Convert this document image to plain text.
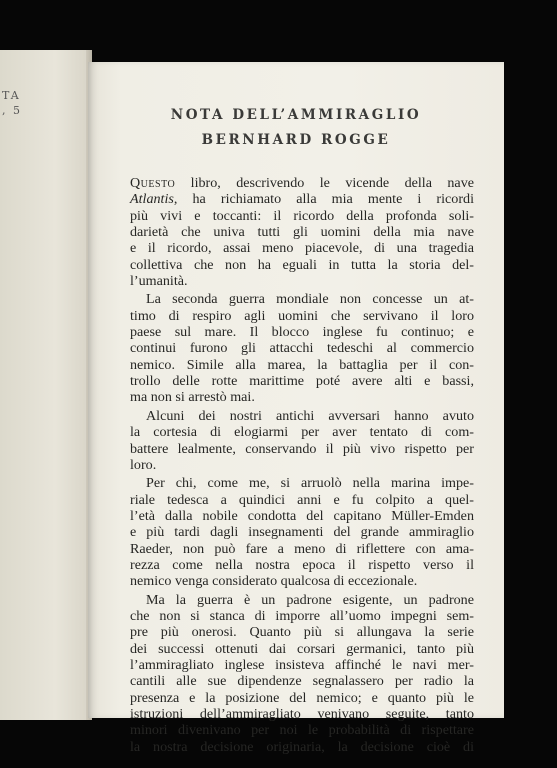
TA
, 5	NOTA DELL’AMMIRAGLIO
BERNHARD ROGGE
Questo libro, descrivendo le vicende della nave
Atlantis, ha richiamato alla mia mente i ricordi
più vivi e toccanti: il ricordo della profonda soli-
darietà che univa tutti gli uomini della mia nave
e il ricordo, assai meno piacevole, di una tragedia
collettiva che non ha eguali in tutta la storia del-
l’umanità.
La seconda guerra mondiale non concesse un at-
timo di respiro agli uomini che servivano il loro
paese sul mare. Il blocco inglese fu continuo; e
continui furono gli attacchi tedeschi al commercio
nemico. Simile alla marea, la battaglia per il con-
trollo delle rotte marittime poté avere alti e bassi,
ma non si arrestò mai.
Alcuni dei nostri antichi avversari hanno avuto
la cortesia di elogiarmi per aver tentato di com-
battere lealmente, conservando il più vivo rispetto per
loro.
Per chi, come me, si arruolò nella marina impe-
riale tedesca a quindici anni e fu colpito a quel-
l’età dalla nobile condotta del capitano Müller-Emden
e più tardi dagli insegnamenti del grande ammiraglio
Raeder, non può fare a meno di riflettere con ama-
rezza come nella nostra epoca il rispetto verso il
nemico venga considerato qualcosa di eccezionale.
Ma la guerra è un padrone esigente, un padrone
che non si stanca di imporre all’uomo impegni sem-
pre più onerosi. Quanto più si allungava la serie
dei successi ottenuti dai corsari germanici, tanto più
l’ammiragliato inglese insisteva affinché le navi mer-
cantili alle sue dipendenze segnalassero per radio la
presenza e la posizione del nemico; e quanto più le
istruzioni dell’ammiragliato venivano seguite, tanto
minori divenivano per noi le probabilità di rispettare
la nostra decisione originaria, la decisione cioè di
